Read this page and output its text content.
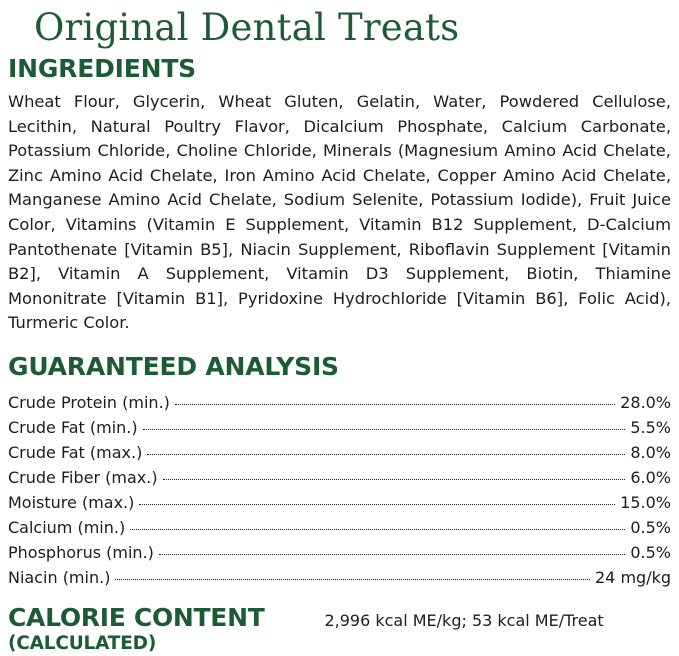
Original Dental Treats
INGREDIENTS

Wheat Flour, Glycerin, Wheat Gluten, Gelatin, Water, Powdered Cellulose, Lecithin, Natural Poultry Flavor, Dicalcium Phosphate, Calcium Carbonate, Potassium Chloride, Choline Chloride, Minerals (Magnesium Amino Acid Chelate, Zinc Amino Acid Chelate, Iron Amino Acid Chelate, Copper Amino Acid Chelate, Manganese Amino Acid Chelate, Sodium Selenite, Potassium Iodide), Fruit Juice Color, Vitamins (Vitamin E Supplement, Vitamin B12 Supplement, D-Calcium Pantothenate [Vitamin B5], Niacin Supplement, Riboflavin Supplement [Vitamin B2], Vitamin A Supplement, Vitamin D3 Supplement, Biotin, Thiamine Mononitrate [Vitamin B1], Pyridoxine Hydrochloride [Vitamin B6], Folic Acid), Turmeric Color.

GUARANTEED ANALYSIS
Crude Protein (min.)	28.0%
Crude Fat (min.)	5.5%
Crude Fat (max.)	8.0%
Crude Fiber (max.)	6.0%
Moisture (max.)	15.0%
Calcium (min.)	0.5%
Phosphorus (min.)	0.5%
Niacin (min.)	24 mg/kg
CALORIE CONTENT
(CALCULATED)
2,996 kcal ME/kg; 53 kcal ME/Treat
